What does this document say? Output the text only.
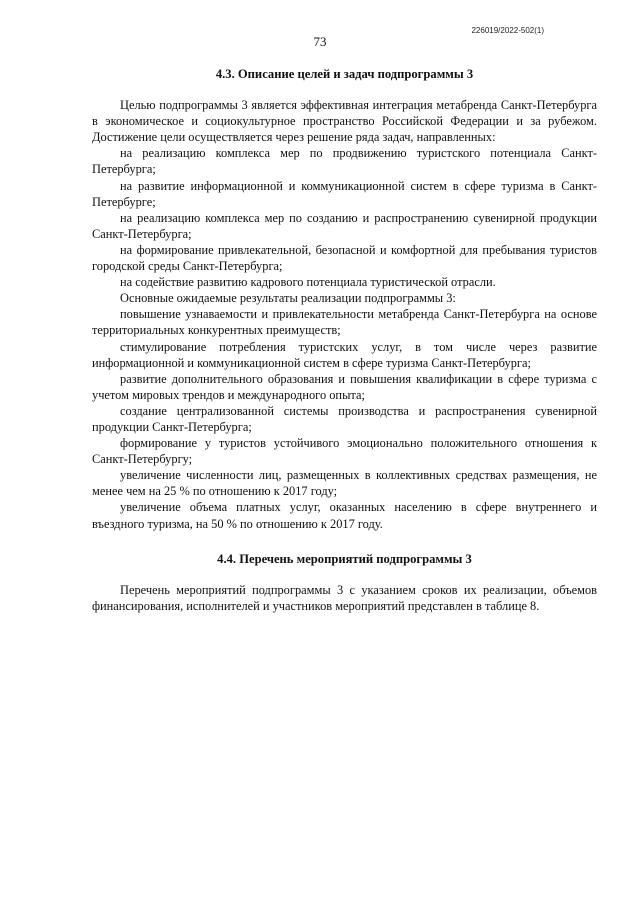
226019/2022-502(1)
73
4.3. Описание целей и задач подпрограммы 3

Целью подпрограммы 3 является эффективная интеграция метабренда Санкт-Петербурга в экономическое и социокультурное пространство Российской Федерации и за рубежом. Достижение цели осуществляется через решение ряда задач, направленных:

на реализацию комплекса мер по продвижению туристского потенциала Санкт-Петербурга;

на развитие информационной и коммуникационной систем в сфере туризма в Санкт-Петербурге;

на реализацию комплекса мер по созданию и распространению сувенирной продукции Санкт-Петербурга;

на формирование привлекательной, безопасной и комфортной для пребывания туристов городской среды Санкт-Петербурга;

на содействие развитию кадрового потенциала туристической отрасли.

Основные ожидаемые результаты реализации подпрограммы 3:

повышение узнаваемости и привлекательности метабренда Санкт-Петербурга на основе территориальных конкурентных преимуществ;

стимулирование потребления туристских услуг, в том числе через развитие информационной и коммуникационной систем в сфере туризма Санкт-Петербурга;

развитие дополнительного образования и повышения квалификации в сфере туризма с учетом мировых трендов и международного опыта;

создание централизованной системы производства и распространения сувенирной продукции Санкт-Петербурга;

формирование у туристов устойчивого эмоционально положительного отношения к Санкт-Петербургу;

увеличение численности лиц, размещенных в коллективных средствах размещения, не менее чем на 25 % по отношению к 2017 году;

увеличение объема платных услуг, оказанных населению в сфере внутреннего и въездного туризма, на 50 % по отношению к 2017 году.

4.4. Перечень мероприятий подпрограммы 3

Перечень мероприятий подпрограммы 3 с указанием сроков их реализации, объемов финансирования, исполнителей и участников мероприятий представлен в таблице 8.
